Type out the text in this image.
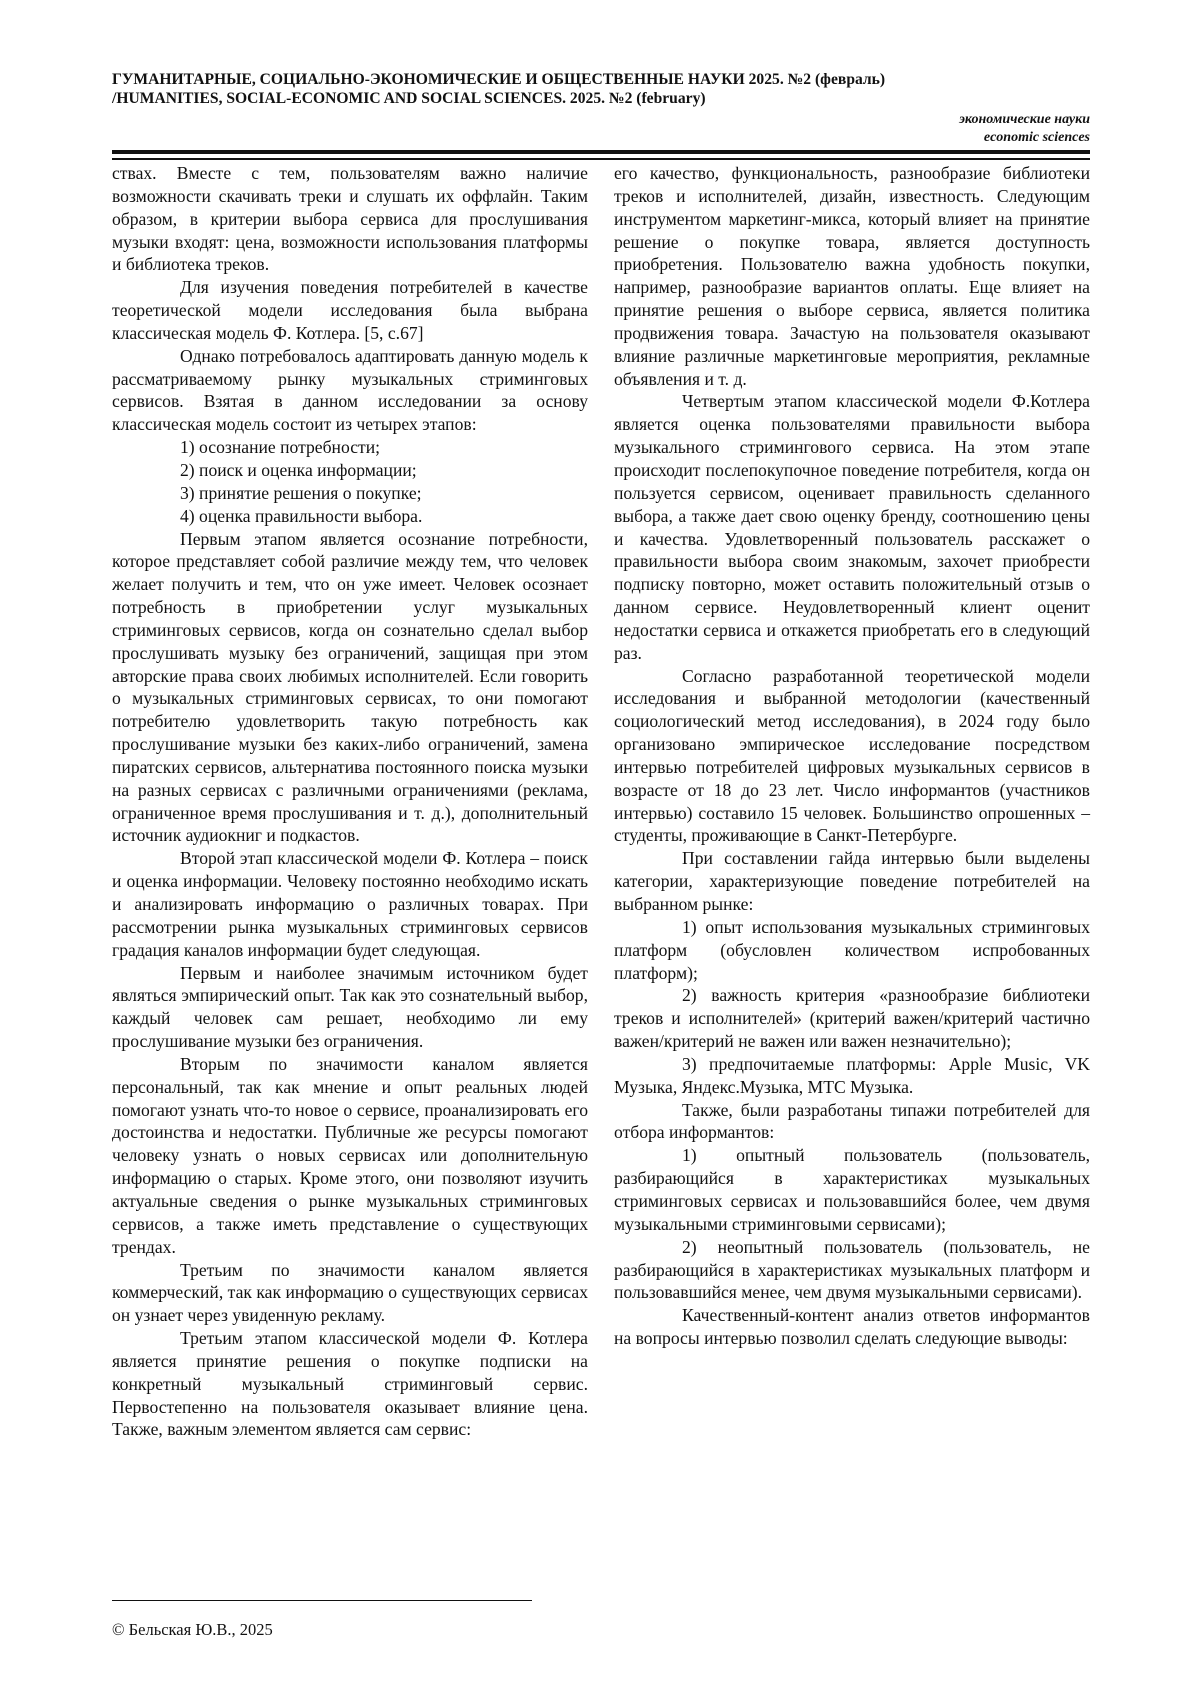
ГУМАНИТАРНЫЕ, СОЦИАЛЬНО-ЭКОНОМИЧЕСКИЕ И ОБЩЕСТВЕННЫЕ НАУКИ 2025. №2 (февраль)

/HUMANITIES, SOCIAL-ECONOMIC AND SOCIAL SCIENCES. 2025. №2 (february)

экономические науки
economic sciences

ствах. Вместе с тем, пользователям важно наличие возможности скачивать треки и слушать их оффлайн. Таким образом, в критерии выбора сервиса для прослушивания музыки входят: цена, возможности использования платформы и библиотека треков.

Для изучения поведения потребителей в качестве теоретической модели исследования была выбрана классическая модель Ф. Котлера. [5, с.67]

Однако потребовалось адаптировать данную модель к рассматриваемому рынку музыкальных стриминговых сервисов. Взятая в данном исследовании за основу классическая модель состоит из четырех этапов:

1) осознание потребности;

2) поиск и оценка информации;

3) принятие решения о покупке;

4) оценка правильности выбора.

Первым этапом является осознание потребности, которое представляет собой различие между тем, что человек желает получить и тем, что он уже имеет. Человек осознает потребность в приобретении услуг музыкальных стриминговых сервисов, когда он сознательно сделал выбор прослушивать музыку без ограничений, защищая при этом авторские права своих любимых исполнителей. Если говорить о музыкальных стриминговых сервисах, то они помогают потребителю удовлетворить такую потребность как прослушивание музыки без каких-либо ограничений, замена пиратских сервисов, альтернатива постоянного поиска музыки на разных сервисах с различными ограничениями (реклама, ограниченное время прослушивания и т. д.), дополнительный источник аудиокниг и подкастов.

Второй этап классической модели Ф. Котлера – поиск и оценка информации. Человеку постоянно необходимо искать и анализировать информацию о различных товарах. При рассмотрении рынка музыкальных стриминговых сервисов градация каналов информации будет следующая.

Первым и наиболее значимым источником будет являться эмпирический опыт. Так как это сознательный выбор, каждый человек сам решает, необходимо ли ему прослушивание музыки без ограничения.

Вторым по значимости каналом является персональный, так как мнение и опыт реальных людей помогают узнать что-то новое о сервисе, проанализировать его достоинства и недостатки. Публичные же ресурсы помогают человеку узнать о новых сервисах или дополнительную информацию о старых. Кроме этого, они позволяют изучить актуальные сведения о рынке музыкальных стриминговых сервисов, а также иметь представление о существующих трендах.

Третьим по значимости каналом является коммерческий, так как информацию о существующих сервисах он узнает через увиденную рекламу.

Третьим этапом классической модели Ф. Котлера является принятие решения о покупке подписки на конкретный музыкальный стриминговый сервис. Первостепенно на пользователя оказывает влияние цена. Также, важным элементом является сам сервис:

его качество, функциональность, разнообразие библиотеки треков и исполнителей, дизайн, известность. Следующим инструментом маркетинг-микса, который влияет на принятие решение о покупке товара, является доступность приобретения. Пользователю важна удобность покупки, например, разнообразие вариантов оплаты. Еще влияет на принятие решения о выборе сервиса, является политика продвижения товара. Зачастую на пользователя оказывают влияние различные маркетинговые мероприятия, рекламные объявления и т. д.

Четвертым этапом классической модели Ф.Котлера является оценка пользователями правильности выбора музыкального стримингового сервиса. На этом этапе происходит послепокупочное поведение потребителя, когда он пользуется сервисом, оценивает правильность сделанного выбора, а также дает свою оценку бренду, соотношению цены и качества. Удовлетворенный пользователь расскажет о правильности выбора своим знакомым, захочет приобрести подписку повторно, может оставить положительный отзыв о данном сервисе. Неудовлетворенный клиент оценит недостатки сервиса и откажется приобретать его в следующий раз.

Согласно разработанной теоретической модели исследования и выбранной методологии (качественный социологический метод исследования), в 2024 году было организовано эмпирическое исследование посредством интервью потребителей цифровых музыкальных сервисов в возрасте от 18 до 23 лет. Число информантов (участников интервью) составило 15 человек. Большинство опрошенных – студенты, проживающие в Санкт-Петербурге.

При составлении гайда интервью были выделены категории, характеризующие поведение потребителей на выбранном рынке:

1) опыт использования музыкальных стриминговых платформ (обусловлен количеством испробованных платформ);

2) важность критерия «разнообразие библиотеки треков и исполнителей» (критерий важен/критерий частично важен/критерий не важен или важен незначительно);

3) предпочитаемые платформы: Apple Music, VK Музыка, Яндекс.Музыка, МТС Музыка.

Также, были разработаны типажи потребителей для отбора информантов:

1) опытный пользователь (пользователь, разбирающийся в характеристиках музыкальных стриминговых сервисах и пользовавшийся более, чем двумя музыкальными стриминговыми сервисами);

2) неопытный пользователь (пользователь, не разбирающийся в характеристиках музыкальных платформ и пользовавшийся менее, чем двумя музыкальными сервисами).

Качественный-контент анализ ответов информантов на вопросы интервью позволил сделать следующие выводы:

© Бельская Ю.В., 2025
